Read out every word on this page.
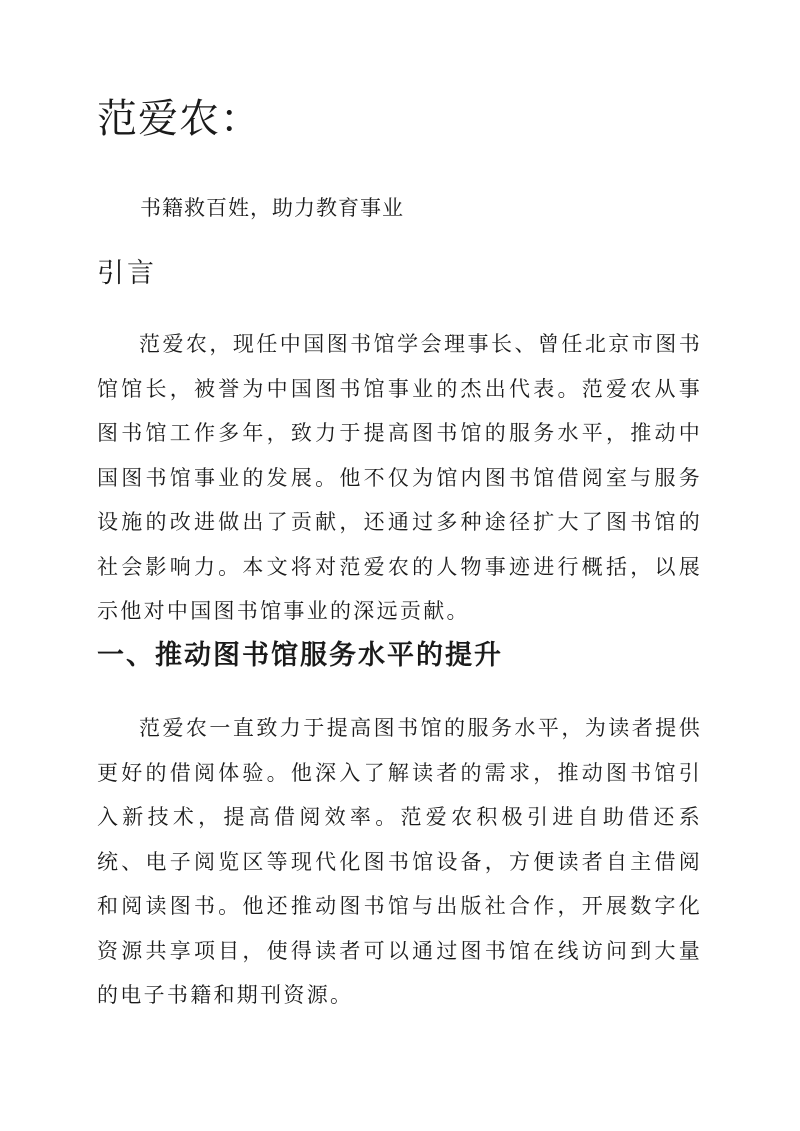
范爱农：

书籍救百姓，助力教育事业

引言

范爱农，现任中国图书馆学会理事长、曾任北京市图书馆馆长，被誉为中国图书馆事业的杰出代表。范爱农从事图书馆工作多年，致力于提高图书馆的服务水平，推动中国图书馆事业的发展。他不仅为馆内图书馆借阅室与服务设施的改进做出了贡献，还通过多种途径扩大了图书馆的社会影响力。本文将对范爱农的人物事迹进行概括，以展示他对中国图书馆事业的深远贡献。

一、推动图书馆服务水平的提升

范爱农一直致力于提高图书馆的服务水平，为读者提供更好的借阅体验。他深入了解读者的需求，推动图书馆引入新技术，提高借阅效率。范爱农积极引进自助借还系统、电子阅览区等现代化图书馆设备，方便读者自主借阅和阅读图书。他还推动图书馆与出版社合作，开展数字化资源共享项目，使得读者可以通过图书馆在线访问到大量的电子书籍和期刊资源。
